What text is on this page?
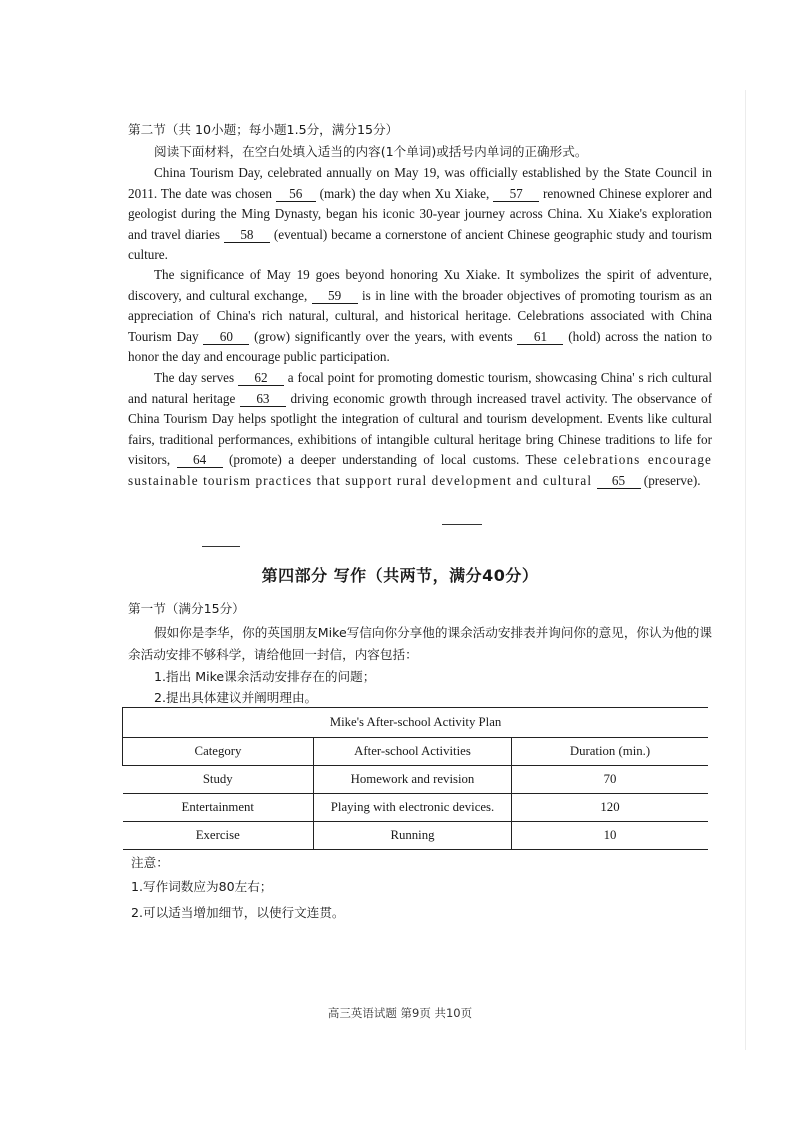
第二节（共 10小题；每小题1.5分，满分15分）

阅读下面材料，在空白处填入适当的内容(1个单词)或括号内单词的正确形式。

China Tourism Day, celebrated annually on May 19, was officially established by the State Council in 2011. The date was chosen 56 (mark) the day when Xu Xiake, 57 renowned Chinese explorer and geologist during the Ming Dynasty, began his iconic 30-year journey across China. Xu Xiake's exploration and travel diaries 58 (eventual) became a cornerstone of ancient Chinese geographic study and tourism culture.

The significance of May 19 goes beyond honoring Xu Xiake. It symbolizes the spirit of adventure, discovery, and cultural exchange, 59 is in line with the broader objectives of promoting tourism as an appreciation of China's rich natural, cultural, and historical heritage. Celebrations associated with China Tourism Day 60 (grow) significantly over the years, with events 61 (hold) across the nation to honor the day and encourage public participation.

The day serves 62 a focal point for promoting domestic tourism, showcasing China' s rich cultural and natural heritage 63 driving economic growth through increased travel activity. The observance of China Tourism Day helps spotlight the integration of cultural and tourism development. Events like cultural fairs, traditional performances, exhibitions of intangible cultural heritage bring Chinese traditions to life for visitors, 64 (promote) a deeper understanding of local customs. These celebrations encourage sustainable tourism practices that support rural development and cultural 65 (preserve).

第四部分 写作（共两节，满分40分）

第一节（满分15分）

假如你是李华，你的英国朋友Mike写信向你分享他的课余活动安排表并询问你的意见，你认为他的课余活动安排不够科学，请给他回一封信，内容包括：

1.指出 Mike课余活动安排存在的问题；

2.提出具体建议并阐明理由。

Mike's After-school Activity Plan		
Category	After-school Activities	Duration (min.)
Study	Homework and revision	70
Entertainment	Playing with electronic devices.	120
Exercise	Running	10

注意：

1.写作词数应为80左右；

2.可以适当增加细节，以使行文连贯。

高三英语试题 第9页 共10页
